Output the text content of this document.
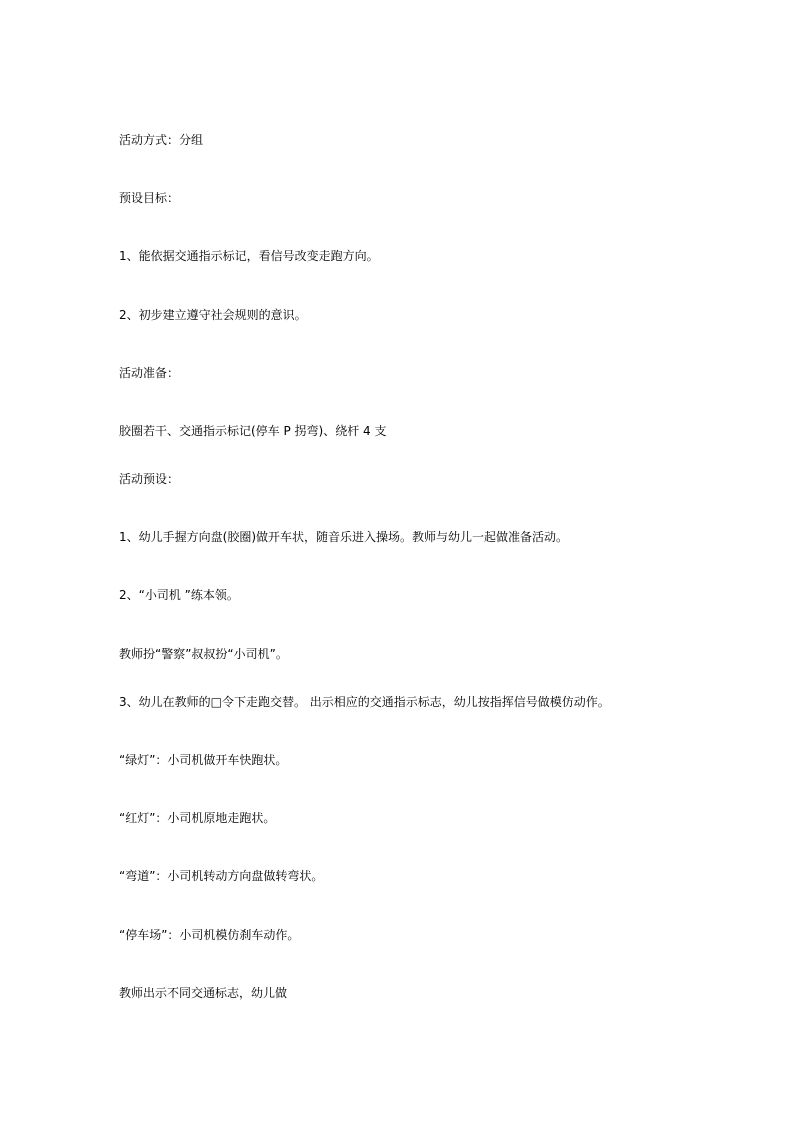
活动方式：分组

预设目标：

1、能依据交通指示标记，看信号改变走跑方向。

2、初步建立遵守社会规则的意识。

活动准备：

胶圈若干、交通指示标记(停车 P 拐弯)、绕杆 4 支

活动预设：

1、幼儿手握方向盘(胶圈)做开车状，随音乐进入操场。教师与幼儿一起做准备活动。

2、“小司机 ”练本领。

教师扮“警察”叔叔扮“小司机”。

3、幼儿在教师的□令下走跑交替。 出示相应的交通指示标志，幼儿按指挥信号做模仿动作。

“绿灯”：小司机做开车快跑状。

“红灯”：小司机原地走跑状。

“弯道”：小司机转动方向盘做转弯状。

“停车场”：小司机模仿刹车动作。

教师出示不同交通标志，幼儿做
